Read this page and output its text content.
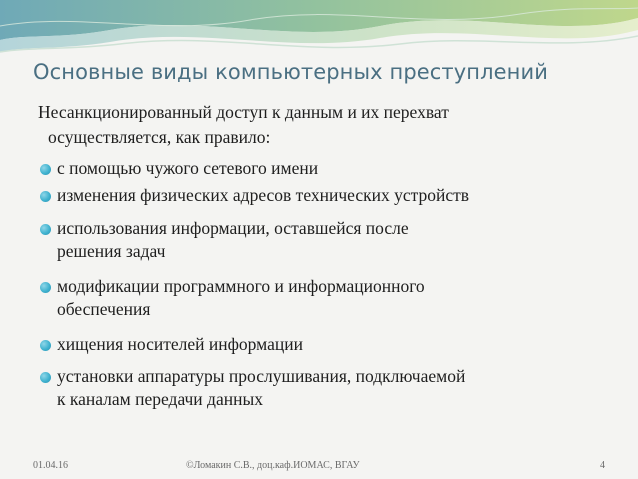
Основные виды компьютерных преступлений
Несанкционированный доступ к данным и их перехват
осуществляется, как правило:
с помощью чужого сетевого имени
изменения физических адресов технических устройств
использования информации, оставшейся после
решения задач
модификации программного и информационного
обеспечения
хищения носителей информации
установки аппаратуры прослушивания, подключаемой
к каналам передачи данных
01.04.16	©Ломакин С.В., доц.каф.ИОМАС, ВГАУ	4
